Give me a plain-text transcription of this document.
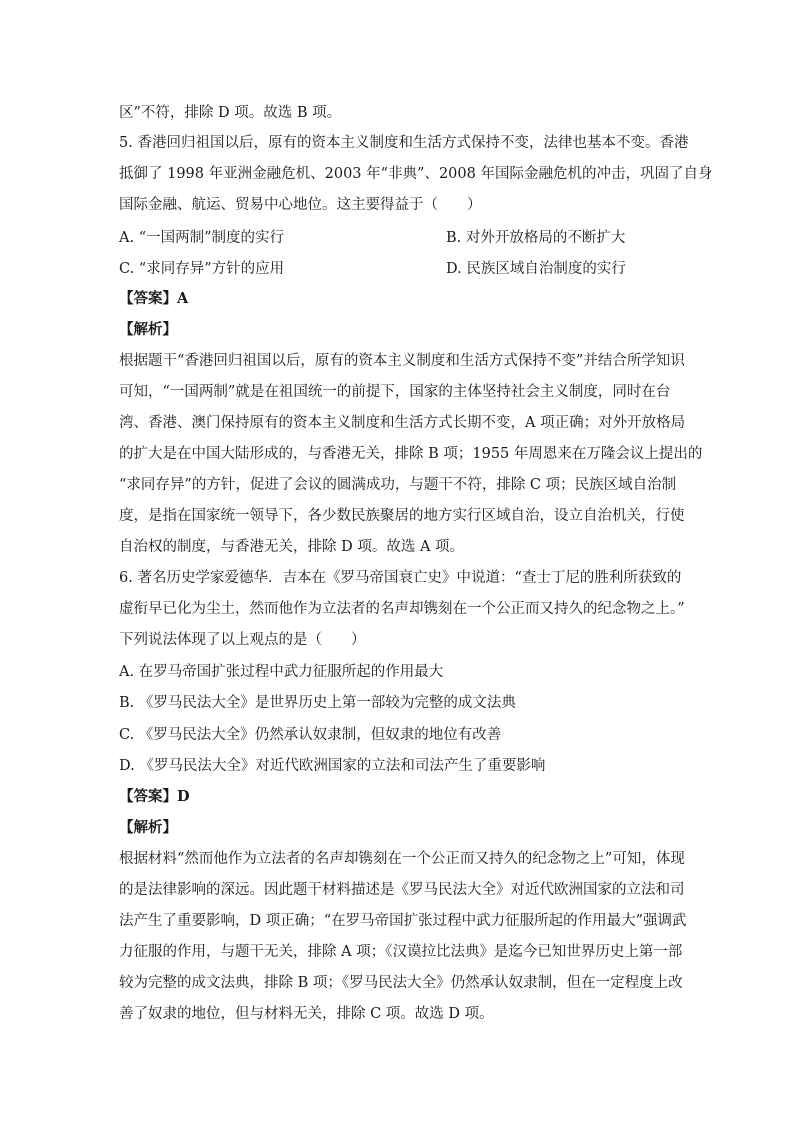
区”不符，排除 D 项。故选 B 项。
5. 香港回归祖国以后，原有的资本主义制度和生活方式保持不变，法律也基本不变。香港
抵御了 1998 年亚洲金融危机、2003 年“非典”、2008 年国际金融危机的冲击，巩固了自身
国际金融、航运、贸易中心地位。这主要得益于（　　）
A. “一国两制”制度的实行	B. 对外开放格局的不断扩大
C. “求同存异”方针的应用	D. 民族区域自治制度的实行
【答案】A
【解析】
根据题干“香港回归祖国以后，原有的资本主义制度和生活方式保持不变”并结合所学知识
可知，“一国两制”就是在祖国统一的前提下，国家的主体坚持社会主义制度，同时在台
湾、香港、澳门保持原有的资本主义制度和生活方式长期不变，A 项正确；对外开放格局
的扩大是在中国大陆形成的，与香港无关，排除 B 项；1955 年周恩来在万隆会议上提出的
“求同存异”的方针，促进了会议的圆满成功，与题干不符，排除 C 项；民族区域自治制
度，是指在国家统一领导下，各少数民族聚居的地方实行区域自治，设立自治机关，行使
自治权的制度，与香港无关，排除 D 项。故选 A 项。
6. 著名历史学家爱德华．吉本在《罗马帝国衰亡史》中说道：“查士丁尼的胜利所获致的
虚衔早已化为尘土，然而他作为立法者的名声却镌刻在一个公正而又持久的纪念物之上。”
下列说法体现了以上观点的是（　　）
A. 在罗马帝国扩张过程中武力征服所起的作用最大
B. 《罗马民法大全》是世界历史上第一部较为完整的成文法典
C. 《罗马民法大全》仍然承认奴隶制，但奴隶的地位有改善
D. 《罗马民法大全》对近代欧洲国家的立法和司法产生了重要影响
【答案】D
【解析】
根据材料“然而他作为立法者的名声却镌刻在一个公正而又持久的纪念物之上”可知，体现
的是法律影响的深远。因此题干材料描述是《罗马民法大全》对近代欧洲国家的立法和司
法产生了重要影响，D 项正确；“在罗马帝国扩张过程中武力征服所起的作用最大”强调武
力征服的作用，与题干无关，排除 A 项；《汉谟拉比法典》是迄今已知世界历史上第一部
较为完整的成文法典，排除 B 项；《罗马民法大全》仍然承认奴隶制，但在一定程度上改
善了奴隶的地位，但与材料无关，排除 C 项。故选 D 项。
